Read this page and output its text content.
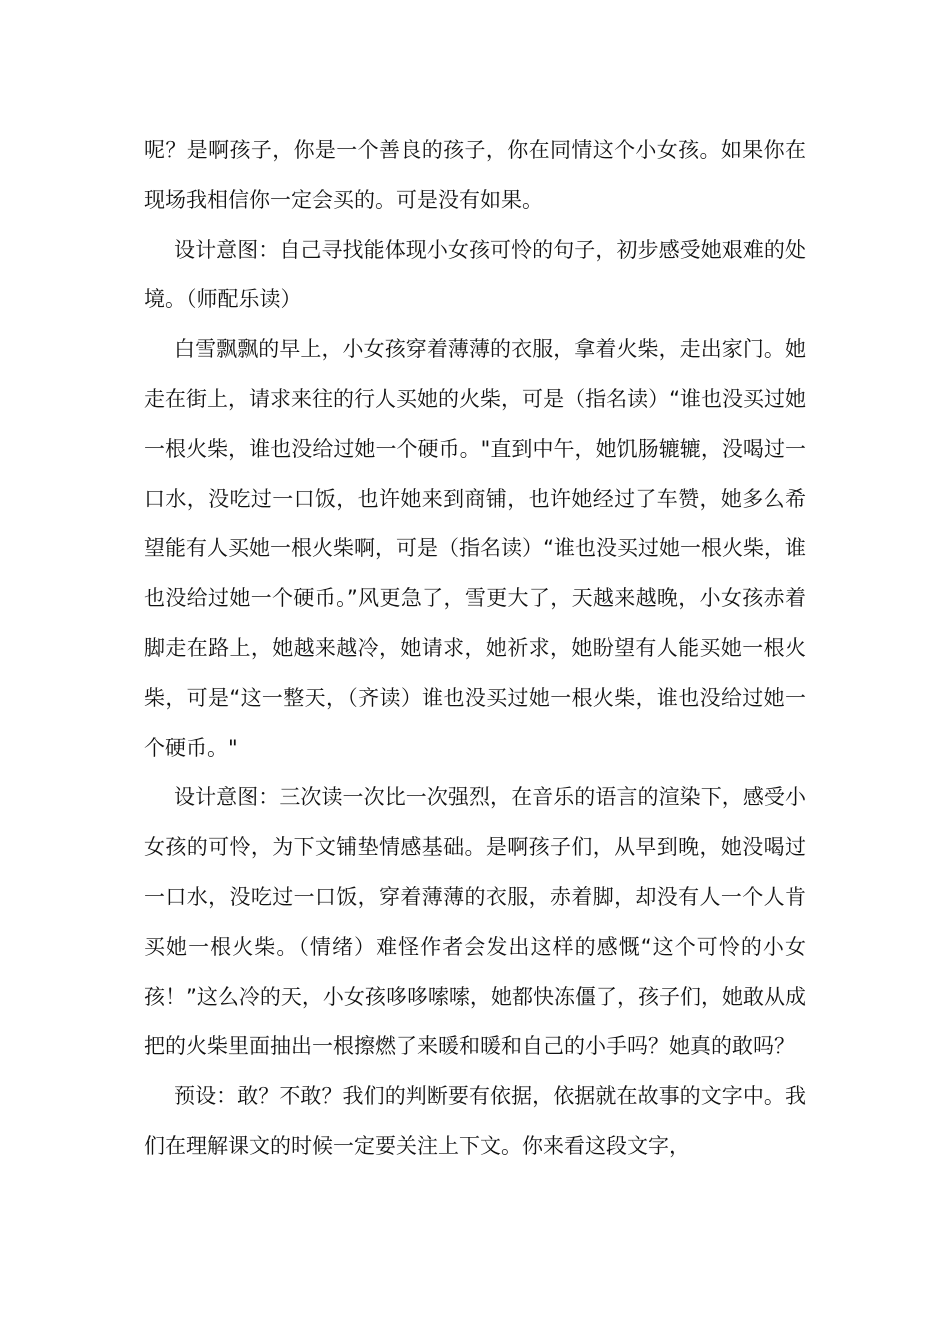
呢？是啊孩子，你是一个善良的孩子，你在同情这个小女孩。如果你在现场我相信你一定会买的。可是没有如果。

设计意图：自己寻找能体现小女孩可怜的句子，初步感受她艰难的处境。（师配乐读）

白雪飘飘的早上，小女孩穿着薄薄的衣服，拿着火柴，走出家门。她走在街上，请求来往的行人买她的火柴，可是（指名读）“谁也没买过她一根火柴，谁也没给过她一个硬币。"直到中午，她饥肠辘辘，没喝过一口水，没吃过一口饭，也许她来到商铺，也许她经过了车赞，她多么希望能有人买她一根火柴啊，可是（指名读）“谁也没买过她一根火柴，谁也没给过她一个硬币。”风更急了，雪更大了，天越来越晚，小女孩赤着脚走在路上，她越来越冷，她请求，她祈求，她盼望有人能买她一根火柴，可是“这一整天，（齐读）谁也没买过她一根火柴，谁也没给过她一个硬币。"

设计意图：三次读一次比一次强烈，在音乐的语言的渲染下，感受小女孩的可怜，为下文铺垫情感基础。是啊孩子们，从早到晚，她没喝过一口水，没吃过一口饭，穿着薄薄的衣服，赤着脚，却没有人一个人肯买她一根火柴。（情绪）难怪作者会发出这样的感慨“这个可怜的小女孩！”这么冷的天，小女孩哆哆嗦嗦，她都快冻僵了，孩子们，她敢从成把的火柴里面抽出一根擦燃了来暖和暖和自己的小手吗？她真的敢吗？

预设：敢？不敢？我们的判断要有依据，依据就在故事的文字中。我们在理解课文的时候一定要关注上下文。你来看这段文字，
